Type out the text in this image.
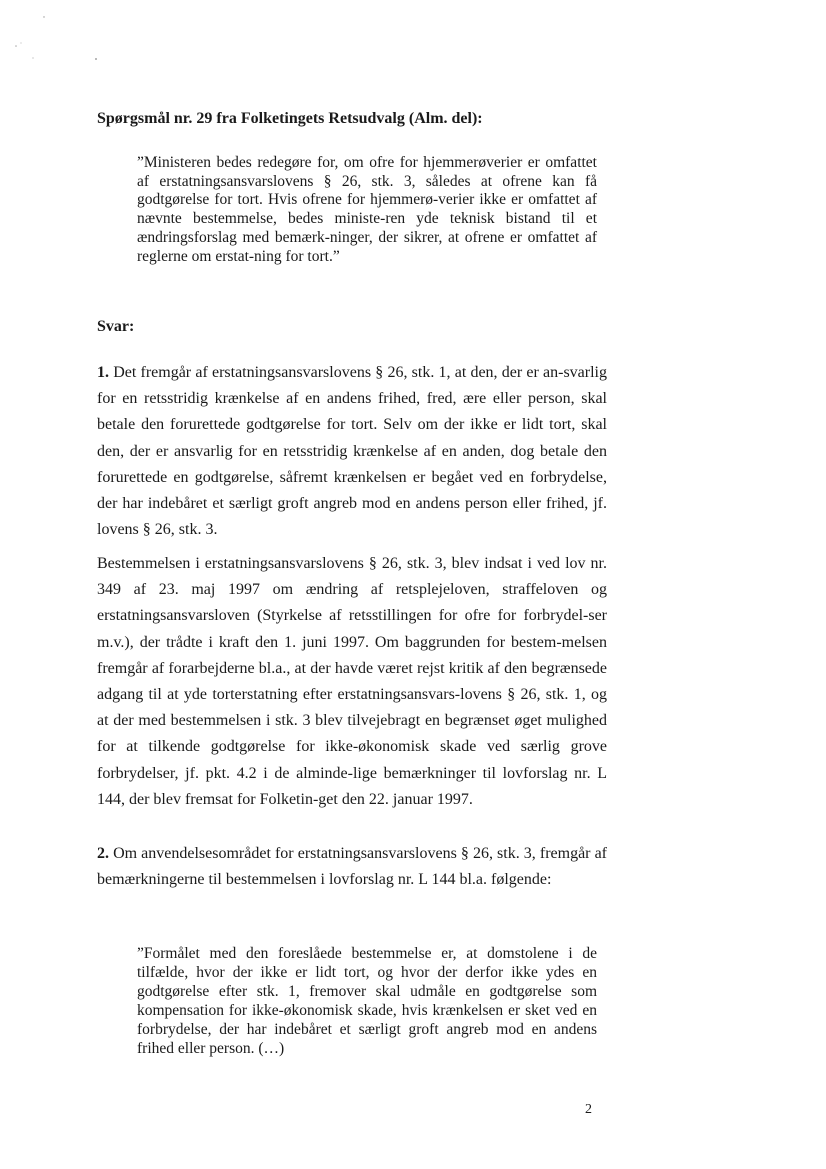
Spørgsmål nr. 29 fra Folketingets Retsudvalg (Alm. del):
”Ministeren bedes redegøre for, om ofre for hjemmerøverier er omfattet af erstatningsansvarslovens § 26, stk. 3, således at ofrene kan få godtgørelse for tort. Hvis ofrene for hjemmerø-verier ikke er omfattet af nævnte bestemmelse, bedes ministe-ren yde teknisk bistand til et ændringsforslag med bemærk-ninger, der sikrer, at ofrene er omfattet af reglerne om erstat-ning for tort.”
Svar:
1. Det fremgår af erstatningsansvarslovens § 26, stk. 1, at den, der er an-svarlig for en retsstridig krænkelse af en andens frihed, fred, ære eller person, skal betale den forurettede godtgørelse for tort. Selv om der ikke er lidt tort, skal den, der er ansvarlig for en retsstridig krænkelse af en anden, dog betale den forurettede en godtgørelse, såfremt krænkelsen er begået ved en forbrydelse, der har indebåret et særligt groft angreb mod en andens person eller frihed, jf. lovens § 26, stk. 3.
Bestemmelsen i erstatningsansvarslovens § 26, stk. 3, blev indsat i ved lov nr. 349 af 23. maj 1997 om ændring af retsplejeloven, straffeloven og erstatningsansvarsloven (Styrkelse af retsstillingen for ofre for forbrydel-ser m.v.), der trådte i kraft den 1. juni 1997. Om baggrunden for bestem-melsen fremgår af forarbejderne bl.a., at der havde været rejst kritik af den begrænsede adgang til at yde torterstatning efter erstatningsansvars-lovens § 26, stk. 1, og at der med bestemmelsen i stk. 3 blev tilvejebragt en begrænset øget mulighed for at tilkende godtgørelse for ikke-økonomisk skade ved særlig grove forbrydelser, jf. pkt. 4.2 i de alminde-lige bemærkninger til lovforslag nr. L 144, der blev fremsat for Folketin-get den 22. januar 1997.
2. Om anvendelsesområdet for erstatningsansvarslovens § 26, stk. 3, fremgår af bemærkningerne til bestemmelsen i lovforslag nr. L 144 bl.a. følgende:
”Formålet med den foreslåede bestemmelse er, at domstolene i de tilfælde, hvor der ikke er lidt tort, og hvor der derfor ikke ydes en godtgørelse efter stk. 1, fremover skal udmåle en godtgørelse som kompensation for ikke-økonomisk skade, hvis krænkelsen er sket ved en forbrydelse, der har indebåret et særligt groft angreb mod en andens frihed eller person. (…)
2
